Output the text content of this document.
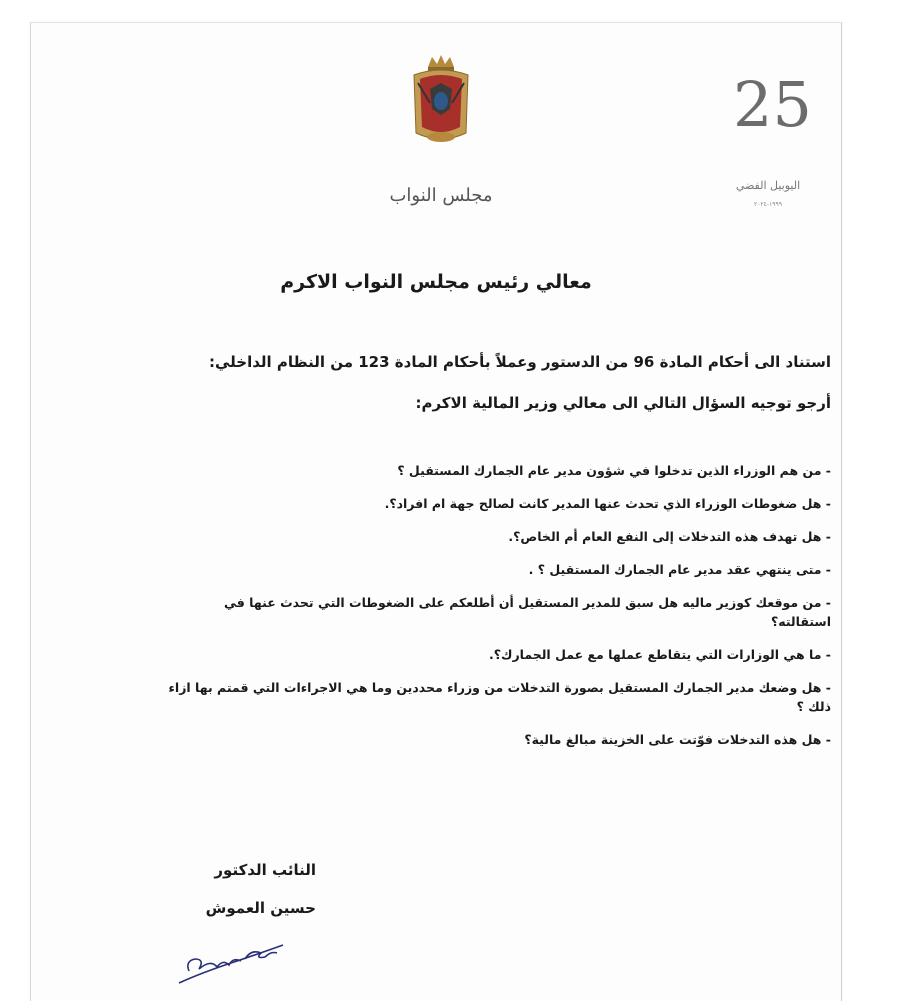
مجلس النواب
25
اليوبيل الفضي
١٩٩٩-٢٠٢٤
معالي رئيس مجلس النواب الاكرم
استناد الى أحكام المادة 96 من الدستور وعملاً بأحكام المادة 123 من النظام الداخلي:
أرجو توجيه السؤال التالي الى معالي وزير المالية الاكرم:
- من هم الوزراء الذين تدخلوا في شؤون مدير عام الجمارك المستقيل ؟
- هل ضغوطات الوزراء الذي تحدث عنها المدير كانت لصالح جهة ام افراد؟.
- هل تهدف هذه التدخلات إلى النفع العام أم الخاص؟.
- متى ينتهي عقد مدير عام الجمارك المستقيل ؟ .
- من موقعك كوزير ماليه هل سبق للمدير المستقيل أن أطلعكم على الضغوطات التي تحدث عنها في استقالته؟
- ما هي الوزارات التي يتقاطع عملها مع عمل الجمارك؟.
- هل وضعك مدير الجمارك المستقيل بصورة التدخلات من وزراء محددين وما هي الاجراءات التي قمتم بها ازاء ذلك ؟
- هل هذه التدخلات فوّتت على الخزينة مبالغ مالية؟
النائب الدكتور
حسين العموش
